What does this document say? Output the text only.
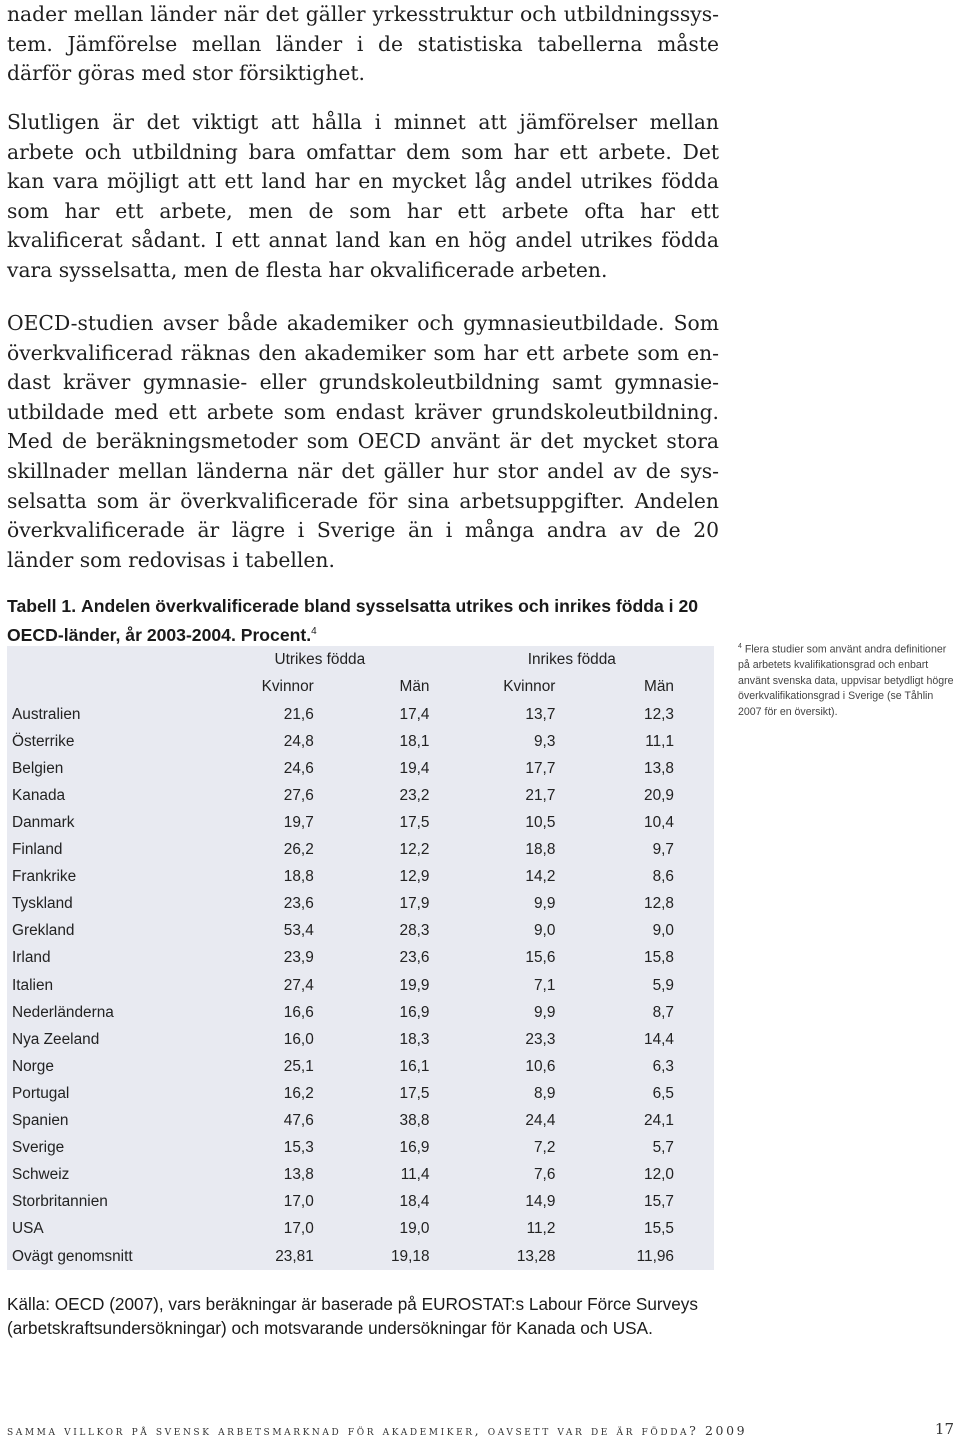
nader mellan länder när det gäller yrkesstruktur och utbildningssystem. Jämförelse mellan länder i de statistiska tabellerna måste därför göras med stor försiktighet.

Slutligen är det viktigt att hålla i minnet att jämförelser mellan arbete och utbildning bara omfattar dem som har ett arbete. Det kan vara möjligt att ett land har en mycket låg andel utrikes födda som har ett arbete, men de som har ett arbete ofta har ett kvalificerat sådant. I ett annat land kan en hög andel utrikes födda vara sysselsatta, men de flesta har okvalificerade arbeten.

OECD-studien avser både akademiker och gymnasieutbildade. Som överkvalificerad räknas den akademiker som har ett arbete som endast kräver gymnasie- eller grundskoleutbildning samt gymnasieutbildade med ett arbete som endast kräver grundskoleutbildning. Med de beräkningsmetoder som OECD använt är det mycket stora skillnader mellan länderna när det gäller hur stor andel av de sysselsatta som är överkvalificerade för sina arbetsuppgifter. Andelen överkvalificerade är lägre i Sverige än i många andra av de 20 länder som redovisas i tabellen.

Tabell 1. Andelen överkvalificerade bland sysselsatta utrikes och inrikes födda i 20 OECD-länder, år 2003-2004. Procent.$^4$
	Utrikes födda		Inrikes födda	
	Kvinnor	Män	Kvinnor	Män
Australien	21,6	17,4	13,7	12,3
Österrike	24,8	18,1	9,3	11,1
Belgien	24,6	19,4	17,7	13,8
Kanada	27,6	23,2	21,7	20,9
Danmark	19,7	17,5	10,5	10,4
Finland	26,2	12,2	18,8	9,7
Frankrike	18,8	12,9	14,2	8,6
Tyskland	23,6	17,9	9,9	12,8
Grekland	53,4	28,3	9,0	9,0
Irland	23,9	23,6	15,6	15,8
Italien	27,4	19,9	7,1	5,9
Nederländerna	16,6	16,9	9,9	8,7
Nya Zeeland	16,0	18,3	23,3	14,4
Norge	25,1	16,1	10,6	6,3
Portugal	16,2	17,5	8,9	6,5
Spanien	47,6	38,8	24,4	24,1
Sverige	15,3	16,9	7,2	5,7
Schweiz	13,8	11,4	7,6	12,0
Storbritannien	17,0	18,4	14,9	15,7
USA	17,0	19,0	11,2	15,5
Ovägt genomsnitt	23,81	19,18	13,28	11,96
Källa: OECD (2007), vars beräkningar är baserade på EUROSTAT:s Labour Förce Surveys (arbetskraftsundersökningar) och motsvarande undersökningar för Kanada och USA.
$^4$ Flera studier som använt andra definitioner på arbetets kvalifikationsgrad och enbart använt svenska data, uppvisar betydligt högre överkvalifikationsgrad i Sverige (se Tåhlin 2007 för en översikt).
samma villkor på svensk arbetsmarknad för akademiker, oavsett var de är födda? 2009	17
